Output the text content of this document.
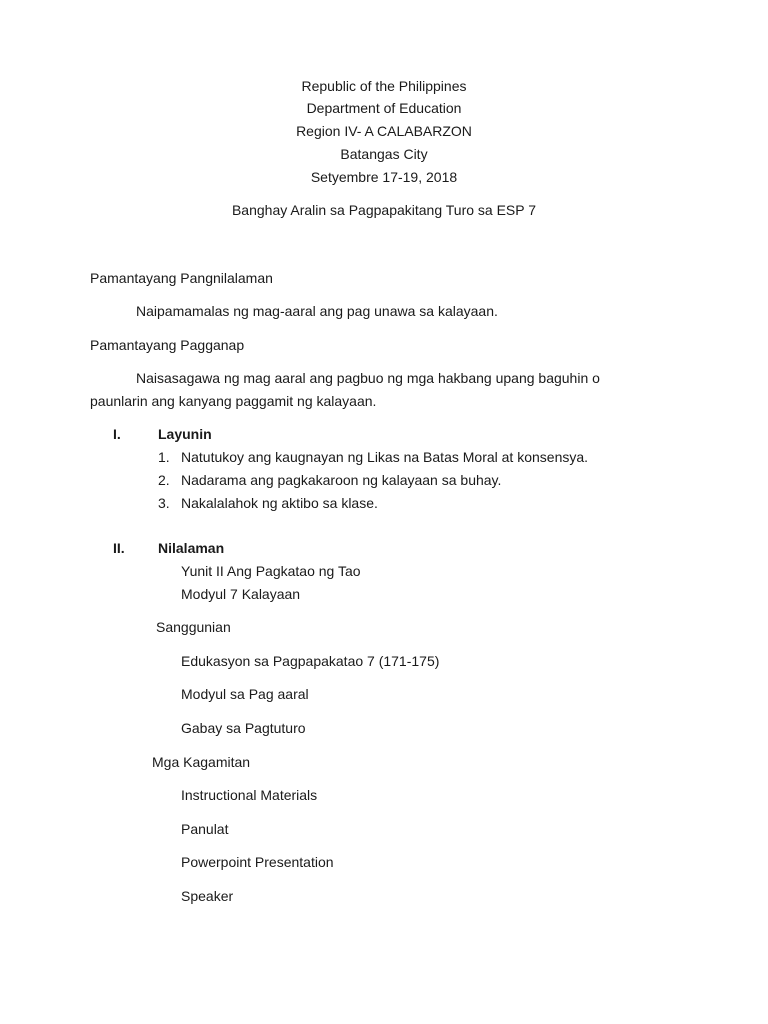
Republic of the Philippines
Department of Education
Region IV- A CALABARZON
Batangas City
Setyembre 17-19, 2018
Banghay Aralin sa Pagpapakitang Turo sa ESP 7
Pamantayang Pangnilalaman
Naipamamalas ng mag-aaral ang pag unawa sa kalayaan.
Pamantayang Pagganap
Naisasagawa ng mag aaral ang pagbuo ng mga hakbang upang baguhin o
paunlarin ang kanyang paggamit ng kalayaan.
I.	Layunin
1. Natutukoy ang kaugnayan ng Likas na Batas Moral at konsensya.
2. Nadarama ang pagkakaroon ng kalayaan sa buhay.
3. Nakalalahok ng aktibo sa klase.
II. Nilalaman
Yunit II Ang Pagkatao ng Tao
Modyul 7 Kalayaan
Sanggunian
Edukasyon sa Pagpapakatao 7 (171-175)
Modyul sa Pag aaral
Gabay sa Pagtuturo
Mga Kagamitan
Instructional Materials
Panulat
Powerpoint Presentation
Speaker
